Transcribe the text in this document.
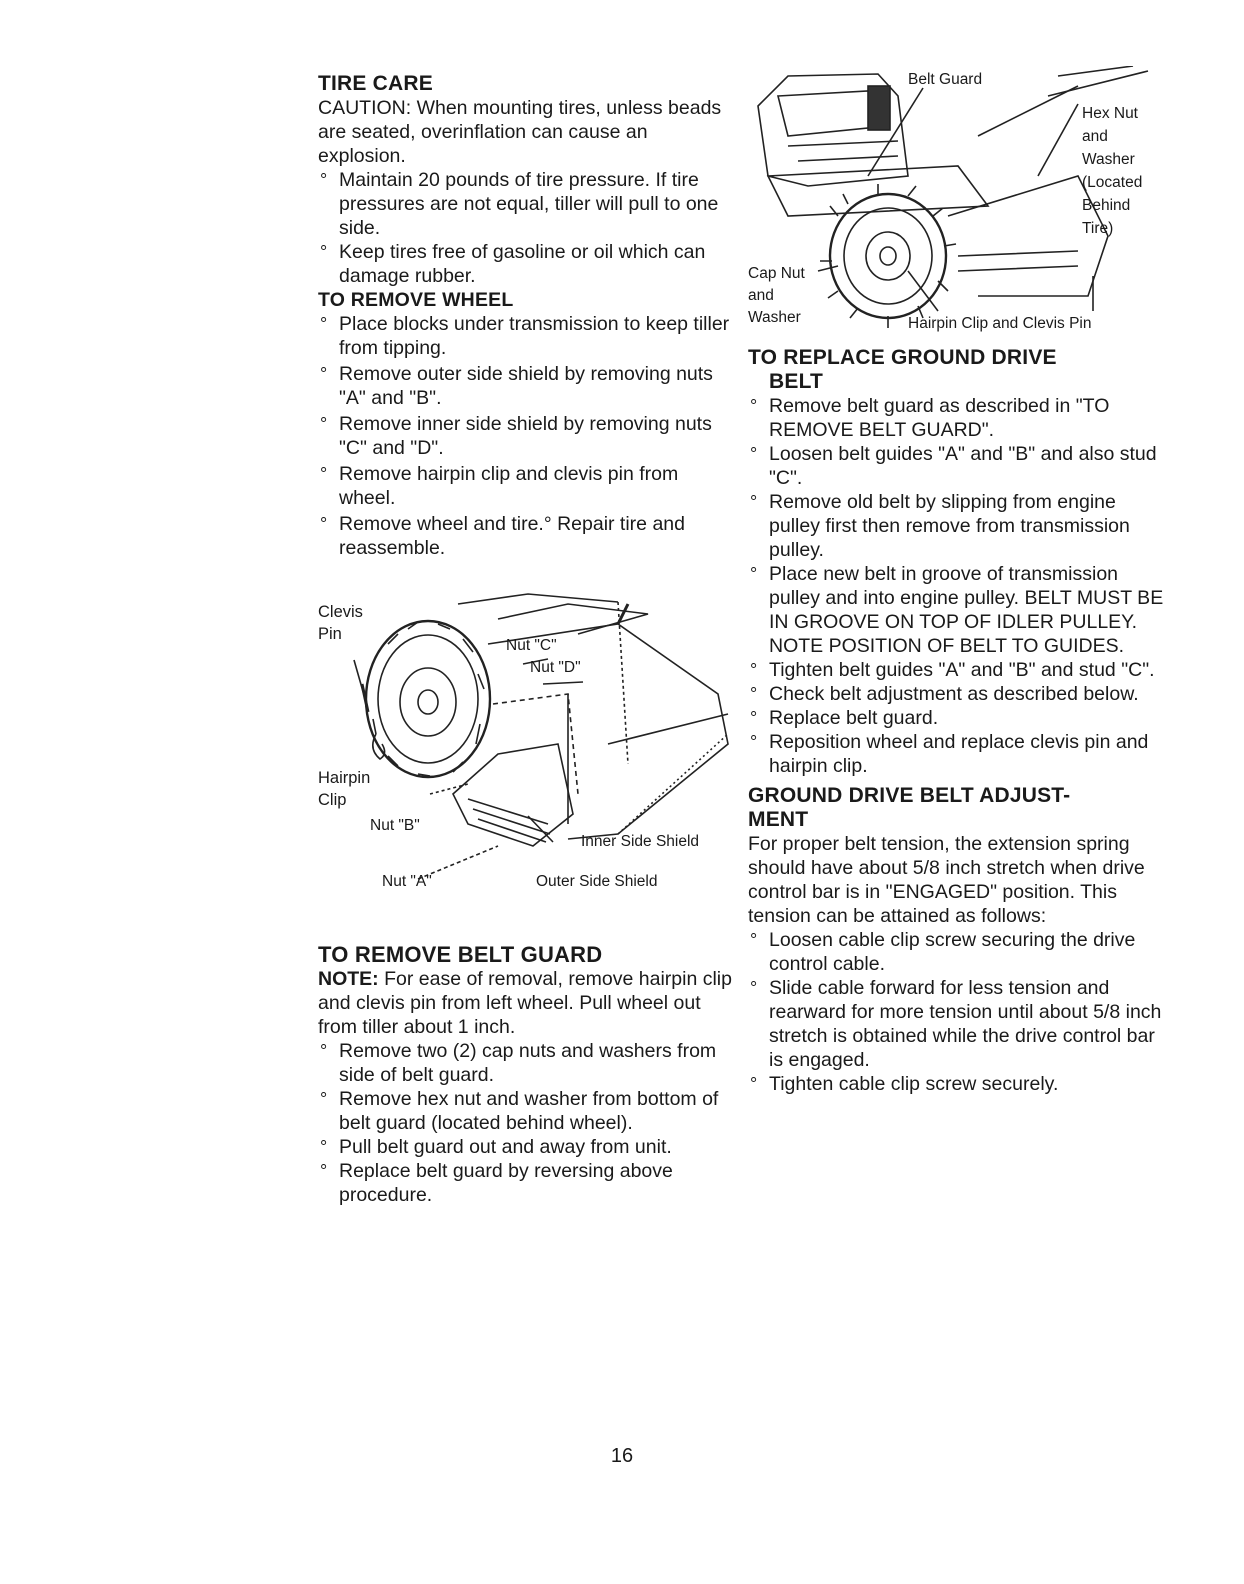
TIRE CARE

CAUTION: When mounting tires, unless beads are seated, overinflation can cause an explosion.

° Maintain 20 pounds of tire pressure. If tire pressures are not equal, tiller will pull to one side.
° Keep tires free of gasoline or oil which can damage rubber.
TO REMOVE WHEEL
° Place blocks under transmission to keep tiller from tipping.
° Remove outer side shield by removing nuts "A" and "B".
° Remove inner side shield by removing nuts "C" and "D".
° Remove hairpin clip and clevis pin from wheel.
° Remove wheel and tire.° Repair tire and reassemble.
Clevis
Pin
Nut "C"
Nut "D"
Hairpin
Clip
Nut "B"
Inner Side Shield
Nut "A"	Outer Side Shield
TO REMOVE BELT GUARD

NOTE: For ease of removal, remove hairpin clip and clevis pin from left wheel. Pull wheel out from tiller about 1 inch.

° Remove two (2) cap nuts and washers from side of belt guard.
° Remove hex nut and washer from bottom of belt guard (located behind wheel).
° Pull belt guard out and away from unit.
° Replace belt guard by reversing above procedure.
Belt Guard
Hex Nut
and
Washer
(Located
Behind
Tire)
Cap Nut
and
Washer	Hairpin Clip and Clevis Pin
TO REPLACE GROUND DRIVE
BELT
° Remove belt guard as described in "TO REMOVE BELT GUARD".
° Loosen belt guides "A" and "B" and also stud "C".
° Remove old belt by slipping from engine pulley first then remove from transmission pulley.
° Place new belt in groove of transmission pulley and into engine pulley. BELT MUST BE IN GROOVE ON TOP OF IDLER PULLEY. NOTE POSITION OF BELT TO GUIDES.
° Tighten belt guides "A" and "B" and stud "C".
° Check belt adjustment as described below.
° Replace belt guard.
° Reposition wheel and replace clevis pin and hairpin clip.
GROUND DRIVE BELT ADJUST-
MENT

For proper belt tension, the extension spring should have about 5/8 inch stretch when drive control bar is in "ENGAGED" position. This tension can be attained as follows:

° Loosen cable clip screw securing the drive control cable.
° Slide cable forward for less tension and rearward for more tension until about 5/8 inch stretch is obtained while the drive control bar is engaged.
° Tighten cable clip screw securely.
16
